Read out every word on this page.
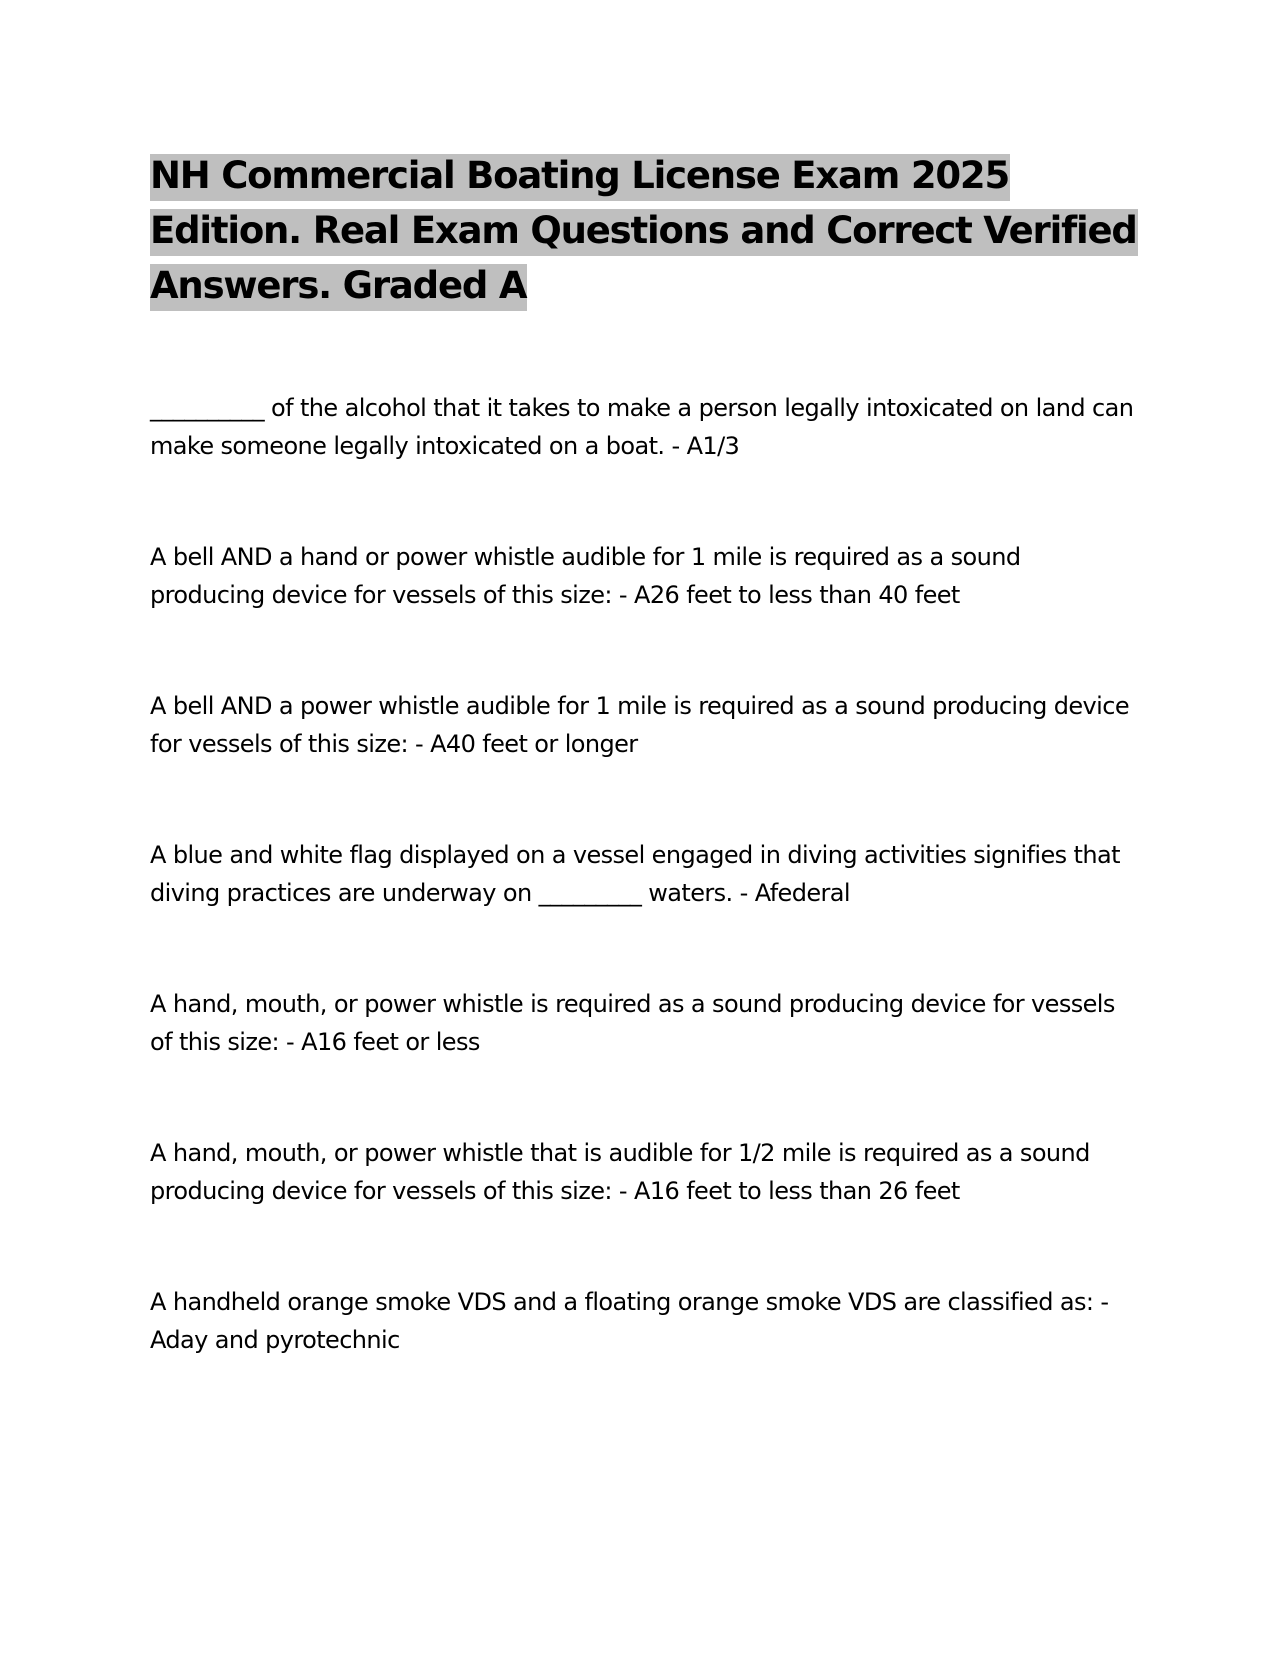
NH Commercial Boating License Exam 2025 Edition. Real Exam Questions and Correct Verified Answers. Graded A
__________ of the alcohol that it takes to make a person legally intoxicated on land can make someone legally intoxicated on a boat. - A1/3
A bell AND a hand or power whistle audible for 1 mile is required as a sound producing device for vessels of this size: - A26 feet to less than 40 feet
A bell AND a power whistle audible for 1 mile is required as a sound producing device for vessels of this size: - A40 feet or longer
A blue and white flag displayed on a vessel engaged in diving activities signifies that diving practices are underway on _________ waters. - Afederal
A hand, mouth, or power whistle is required as a sound producing device for vessels of this size: - A16 feet or less
A hand, mouth, or power whistle that is audible for 1/2 mile is required as a sound producing device for vessels of this size: - A16 feet to less than 26 feet
A handheld orange smoke VDS and a floating orange smoke VDS are classified as: - Aday and pyrotechnic
